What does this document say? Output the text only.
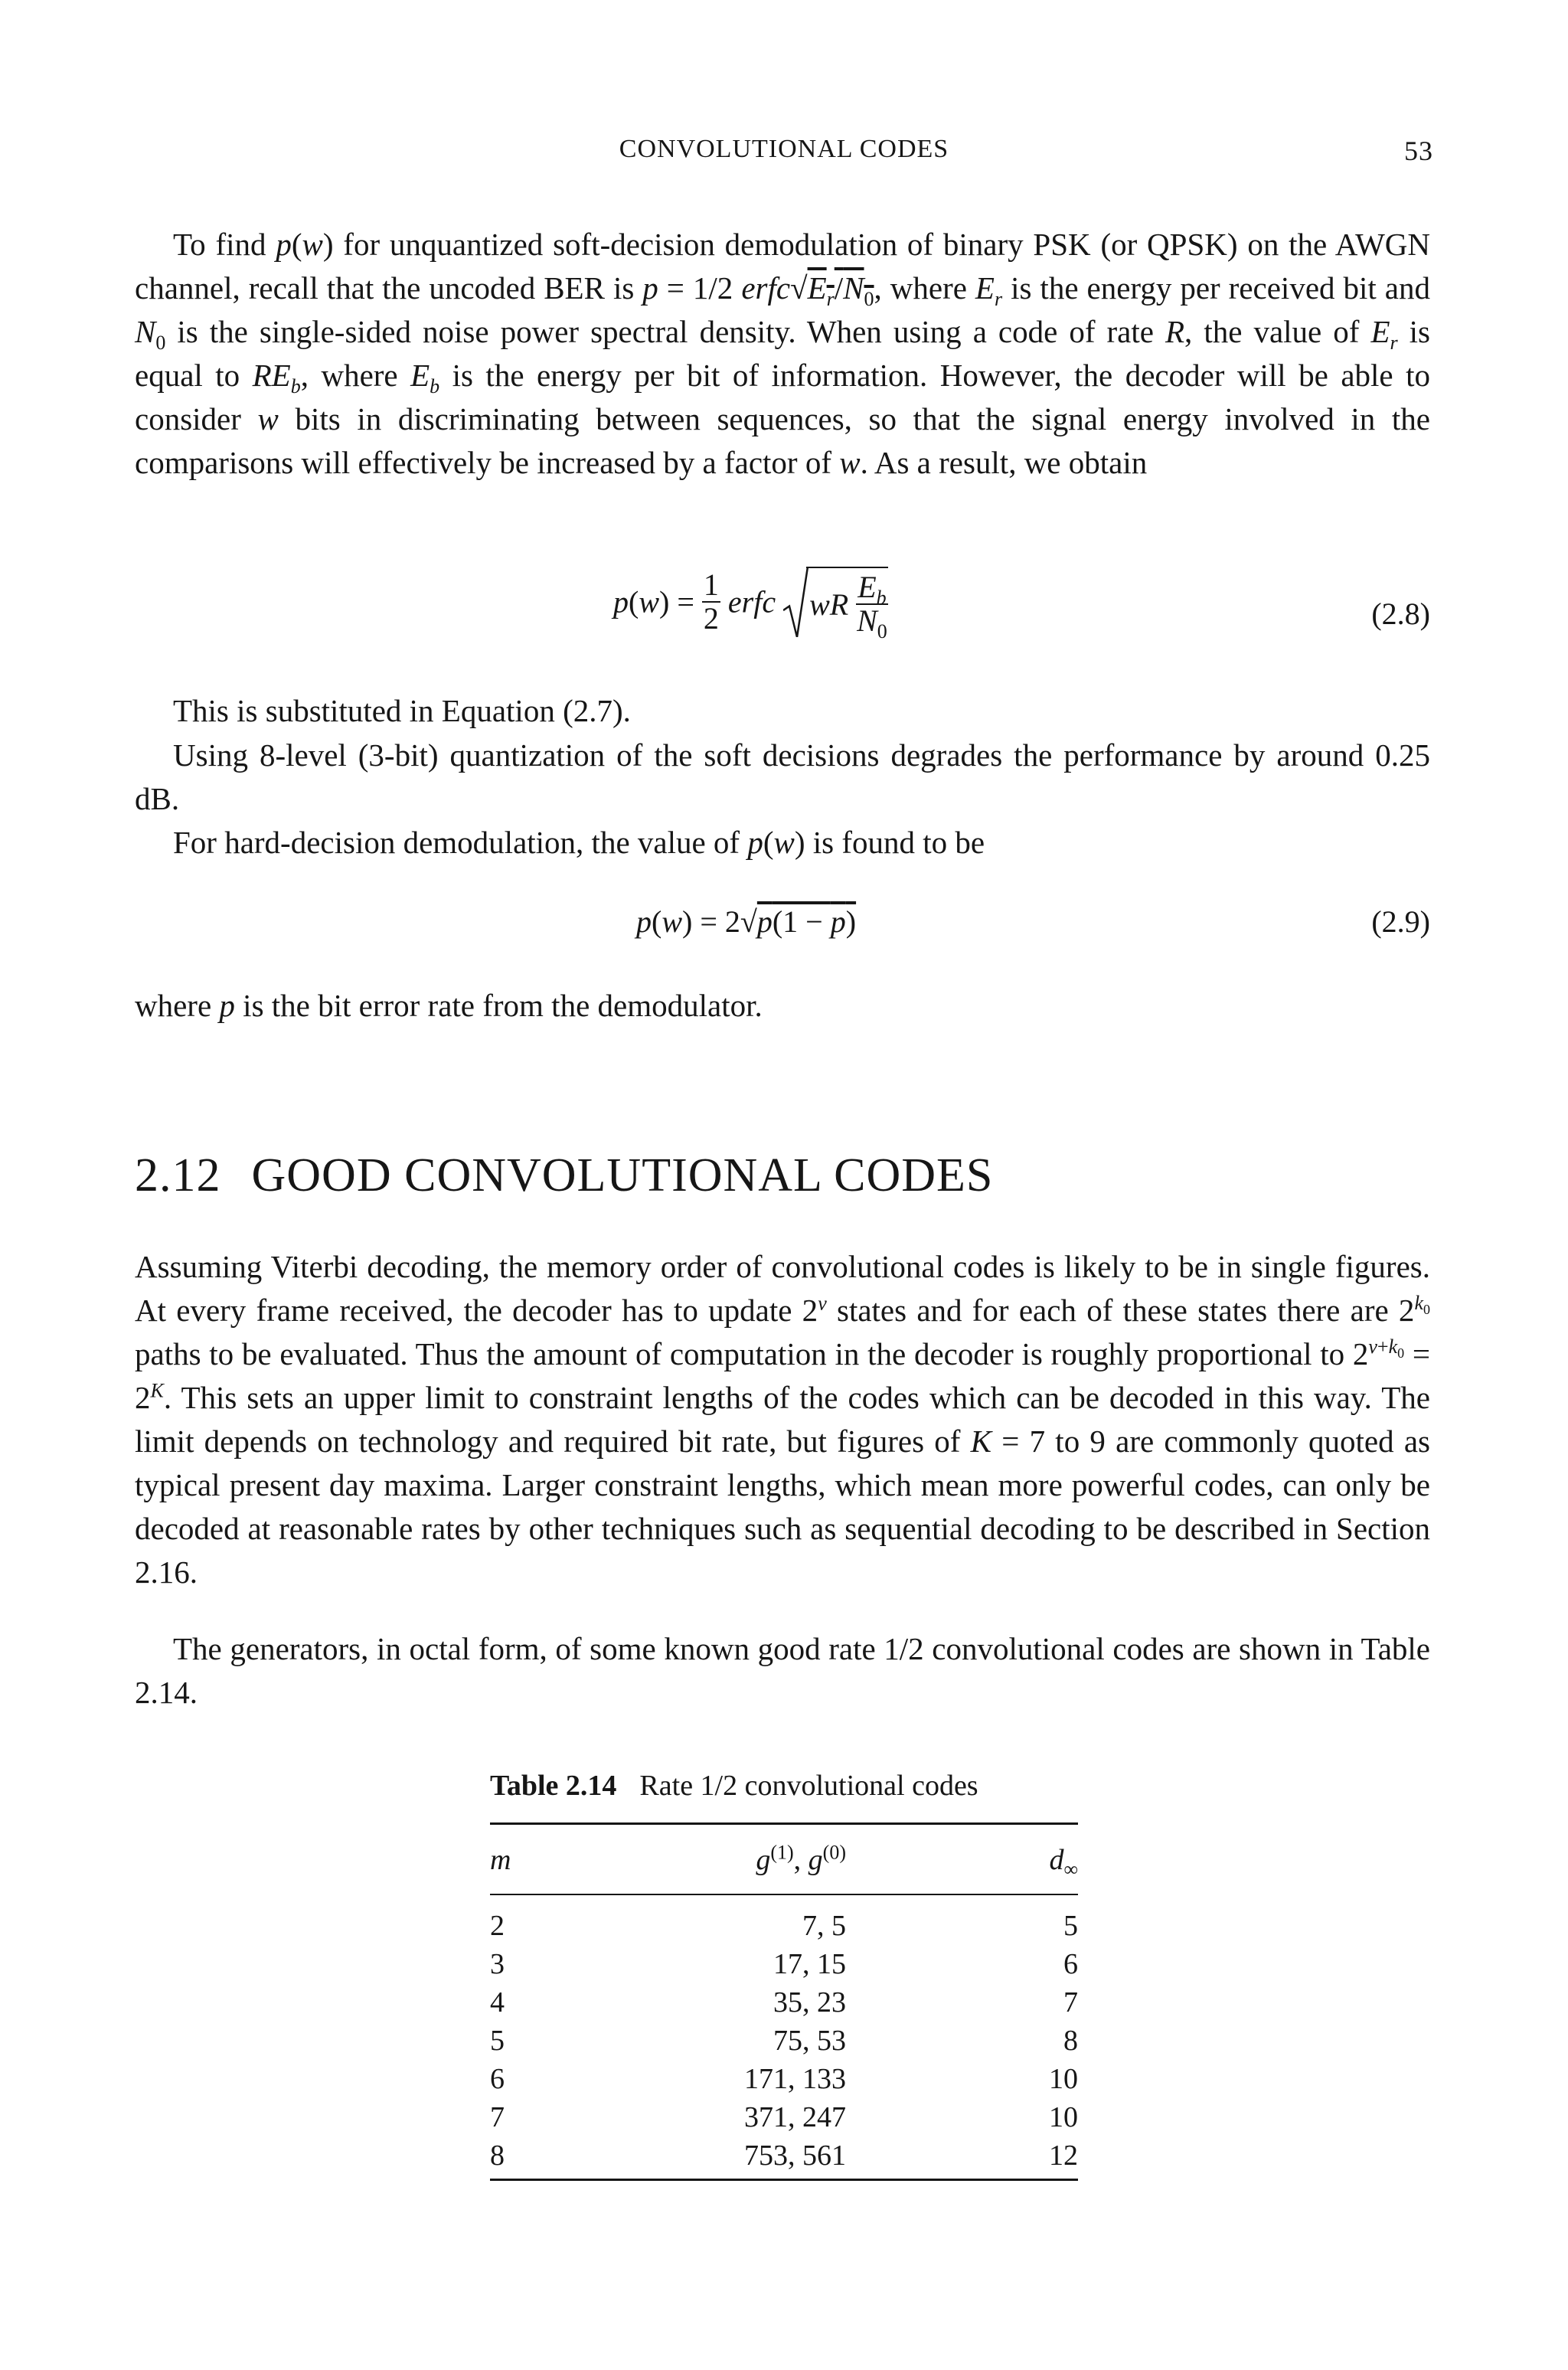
CONVOLUTIONAL CODES	53
To find p(w) for unquantized soft-decision demodulation of binary PSK (or QPSK) on the AWGN channel, recall that the uncoded BER is p = 1/2 $erfc√E_r/N_0$, where $E_r$ is the energy per received bit and $N_0$ is the single-sided noise power spectral density. When using a code of rate R, the value of $E_r$ is equal to $RE_b$, where $E_b$ is the energy per bit of information. However, the decoder will be able to consider w bits in discriminating between sequences, so that the signal energy involved in the comparisons will effectively be increased by a factor of w. As a result, we obtain
$p(w) = \frac{1}{2}$ erfc wR
$\frac{E_b}{N_0}$	(2.8)
This is substituted in Equation (2.7).
Using 8-level (3-bit) quantization of the soft decisions degrades the performance by around 0.25 dB.
For hard-decision demodulation, the value of p(w) is found to be
p(w) = 2√p(1 − p)	(2.9)
where p is the bit error rate from the demodulator.
2.12 GOOD CONVOLUTIONAL CODES
Assuming Viterbi decoding, the memory order of convolutional codes is likely to be in single figures. At every frame received, the decoder has to update 2$^v$ states and for each of these states there are $2^{k_0}$ paths to be evaluated. Thus the amount of computation in the decoder is roughly proportional to $2^{v+k_0} = 2^K$. This sets an upper limit to constraint lengths of the codes which can be decoded in this way. The limit depends on technology and required bit rate, but figures of K = 7 to 9 are commonly quoted as typical present day maxima. Larger constraint lengths, which mean more powerful codes, can only be decoded at reasonable rates by other techniques such as sequential decoding to be described in Section 2.16.
The generators, in octal form, of some known good rate 1/2 convolutional codes are shown in Table 2.14.
Table 2.14 Rate 1/2 convolutional codes
m	$g^{(1)}$, $g^{(0)}$	$d_\infty$
2	7, 5	5
3	17, 15	6
4	35, 23	7
5	75, 53	8
6	171, 133	10
7	371, 247	10
8	753, 561	12
